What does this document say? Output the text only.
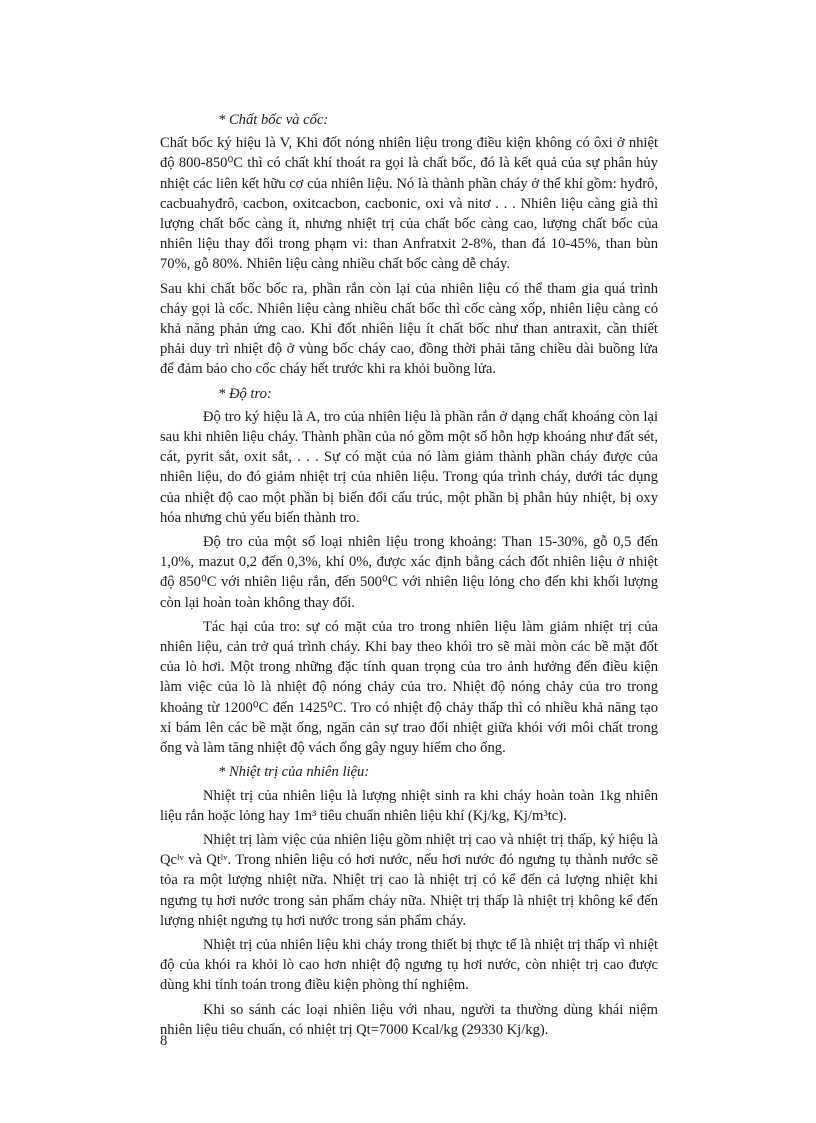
* Chất bốc và cốc:

Chất bốc ký hiệu là V, Khi đốt nóng nhiên liệu trong điều kiện không có ôxi ở nhiệt độ 800-850⁰C thì có chất khí thoát ra gọi là chất bốc, đó là kết quả của sự phân hủy nhiệt các liên kết hữu cơ của nhiên liệu. Nó là thành phần cháy ở thể khí gồm: hyđrô, cacbuahyđrô, cacbon, oxitcacbon, cacbonic, oxi và nitơ . . . Nhiên liệu càng già thì lượng chất bốc càng ít, nhưng nhiệt trị của chất bốc càng cao, lượng chất bốc của nhiên liệu thay đổi trong phạm vi: than Anfratxit 2-8%, than đá 10-45%, than bùn 70%, gỗ 80%. Nhiên liệu càng nhiều chất bốc càng dễ cháy.

Sau khi chất bốc bốc ra, phần rắn còn lại của nhiên liệu có thể tham gia quá trình cháy gọi là cốc. Nhiên liệu càng nhiều chất bốc thì cốc càng xốp, nhiên liệu càng có khả năng phản ứng cao. Khi đốt nhiên liệu ít chất bốc như than antraxit, cần thiết phải duy trì nhiệt độ ở vùng bốc cháy cao, đồng thời phải tăng chiều dài buồng lửa để đảm bảo cho cốc cháy hết trước khi ra khỏi buồng lửa.

* Độ tro:

Độ tro ký hiệu là A, tro của nhiên liệu là phần rắn ở dạng chất khoáng còn lại sau khi nhiên liệu cháy. Thành phần của nó gồm một số hỗn hợp khoáng như đất sét, cát, pyrit sắt, oxit sắt, . . . Sự có mặt của nó làm giảm thành phần cháy được của nhiên liệu, do đó giảm nhiệt trị của nhiên liệu. Trong qúa trình cháy, dưới tác dụng của nhiệt độ cao một phần bị biến đổi cấu trúc, một phần bị phân hủy nhiệt, bị oxy hóa nhưng chủ yếu biến thành tro.

Độ tro của một số loại nhiên liệu trong khoảng: Than 15-30%, gỗ 0,5 đến 1,0%, mazut 0,2 đến 0,3%, khí 0%, được xác định bằng cách đốt nhiên liệu ở nhiệt độ 850⁰C với nhiên liệu rắn, đến 500⁰C với nhiên liệu lỏng cho đến khi khối lượng còn lại hoàn toàn không thay đổi.

Tác hại của tro: sự có mặt của tro trong nhiên liệu làm giảm nhiệt trị của nhiên liệu, cản trở quá trình cháy. Khi bay theo khói tro sẽ mài mòn các bề mặt đốt của lò hơi. Một trong những đặc tính quan trọng của tro ảnh hưởng đến điều kiện làm việc của lò là nhiệt độ nóng chảy của tro. Nhiệt độ nóng chảy của tro trong khoảng từ 1200⁰C đến 1425⁰C. Tro có nhiệt độ chảy thấp thì có nhiều khả năng tạo xỉ bám lên các bề mặt ống, ngăn cản sự trao đổi nhiệt giữa khói với môi chất trong ống và làm tăng nhiệt độ vách ống gây nguy hiểm cho ống.

* Nhiệt trị của nhiên liệu:

Nhiệt trị của nhiên liệu là lượng nhiệt sinh ra khi cháy hoàn toàn 1kg nhiên liệu rắn hoặc lỏng hay 1m³ tiêu chuẩn nhiên liệu khí (Kj/kg, Kj/m³tc).

Nhiệt trị làm việc của nhiên liệu gồm nhiệt trị cao và nhiệt trị thấp, ký hiệu là Qcˡᵛ và Qtˡᵛ. Trong nhiên liệu có hơi nước, nếu hơi nước đó ngưng tụ thành nước sẽ tỏa ra một lượng nhiệt nữa. Nhiệt trị cao là nhiệt trị có kể đến cả lượng nhiệt khi ngưng tụ hơi nước trong sản phẩm cháy nữa. Nhiệt trị thấp là nhiệt trị không kể đến lượng nhiệt ngưng tụ hơi nước trong sản phẩm cháy.

Nhiệt trị của nhiên liệu khi cháy trong thiết bị thực tế là nhiệt trị thấp vì nhiệt độ của khói ra khỏi lò cao hơn nhiệt độ ngưng tụ hơi nước, còn nhiệt trị cao được dùng khi tính toán trong điều kiện phòng thí nghiệm.

Khi so sánh các loại nhiên liệu với nhau, người ta thường dùng khái niệm nhiên liệu tiêu chuẩn, có nhiệt trị Qt=7000 Kcal/kg (29330 Kj/kg).

8
